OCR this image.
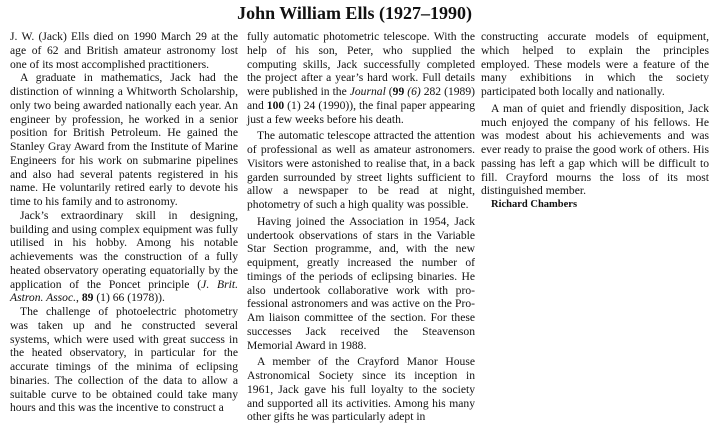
John William Ells (1927–1990)

J. W. (Jack) Ells died on 1990 March 29 at the age of 62 and British amateur astronomy lost one of its most accomplished practitioners.

A graduate in mathematics, Jack had the distinction of winning a Whitworth Scholarship, only two being awarded nationally each year. An engineer by profession, he worked in a senior position for British Petroleum. He gained the Stanley Gray Award from the Institute of Marine Engineers for his work on submarine pipelines and also had several patents registered in his name. He voluntarily retired early to devote his time to his family and to astronomy.

Jack’s extraordinary skill in designing, building and using complex equipment was fully utilised in his hobby. Among his notable achievements was the construction of a fully heated observatory operating equatorially by the application of the Poncet principle (J. Brit. Astron. Assoc., 89 (1) 66 (1978)).

The challenge of photoelectric photometry was taken up and he constructed several systems, which were used with great success in the heated observatory, in particular for the accurate timings of the minima of eclipsing binaries. The collection of the data to allow a suitable curve to be obtained could take many hours and this was the incentive to construct a

fully automatic photometric telescope. With the help of his son, Peter, who supplied the computing skills, Jack successfully completed the project after a year’s hard work. Full details were published in the Journal (99 (6) 282 (1989) and 100 (1) 24 (1990)), the final paper appearing just a few weeks before his death.

The automatic telescope attracted the attention of professional as well as amateur astronomers. Visitors were astonished to realise that, in a back garden surrounded by street lights sufficient to allow a newspaper to be read at night, photometry of such a high quality was possible.

Having joined the Association in 1954, Jack undertook observations of stars in the Variable Star Section programme, and, with the new equipment, greatly increased the number of timings of the periods of eclipsing binaries. He also undertook collaborative work with professional astronomers and was active on the Pro-Am liaison committee of the section. For these successes Jack received the Steavenson Memorial Award in 1988.

A member of the Crayford Manor House Astronomical Society since its inception in 1961, Jack gave his full loyalty to the society and supported all its activities. Among his many other gifts he was particularly adept in

constructing accurate models of equipment, which helped to explain the principles employed. These models were a feature of the many exhibitions in which the society participated both locally and nationally.

A man of quiet and friendly disposition, Jack much enjoyed the company of his fellows. He was modest about his achievements and was ever ready to praise the good work of others. His passing has left a gap which will be difficult to fill. Crayford mourns the loss of its most distinguished member.

Richard Chambers
